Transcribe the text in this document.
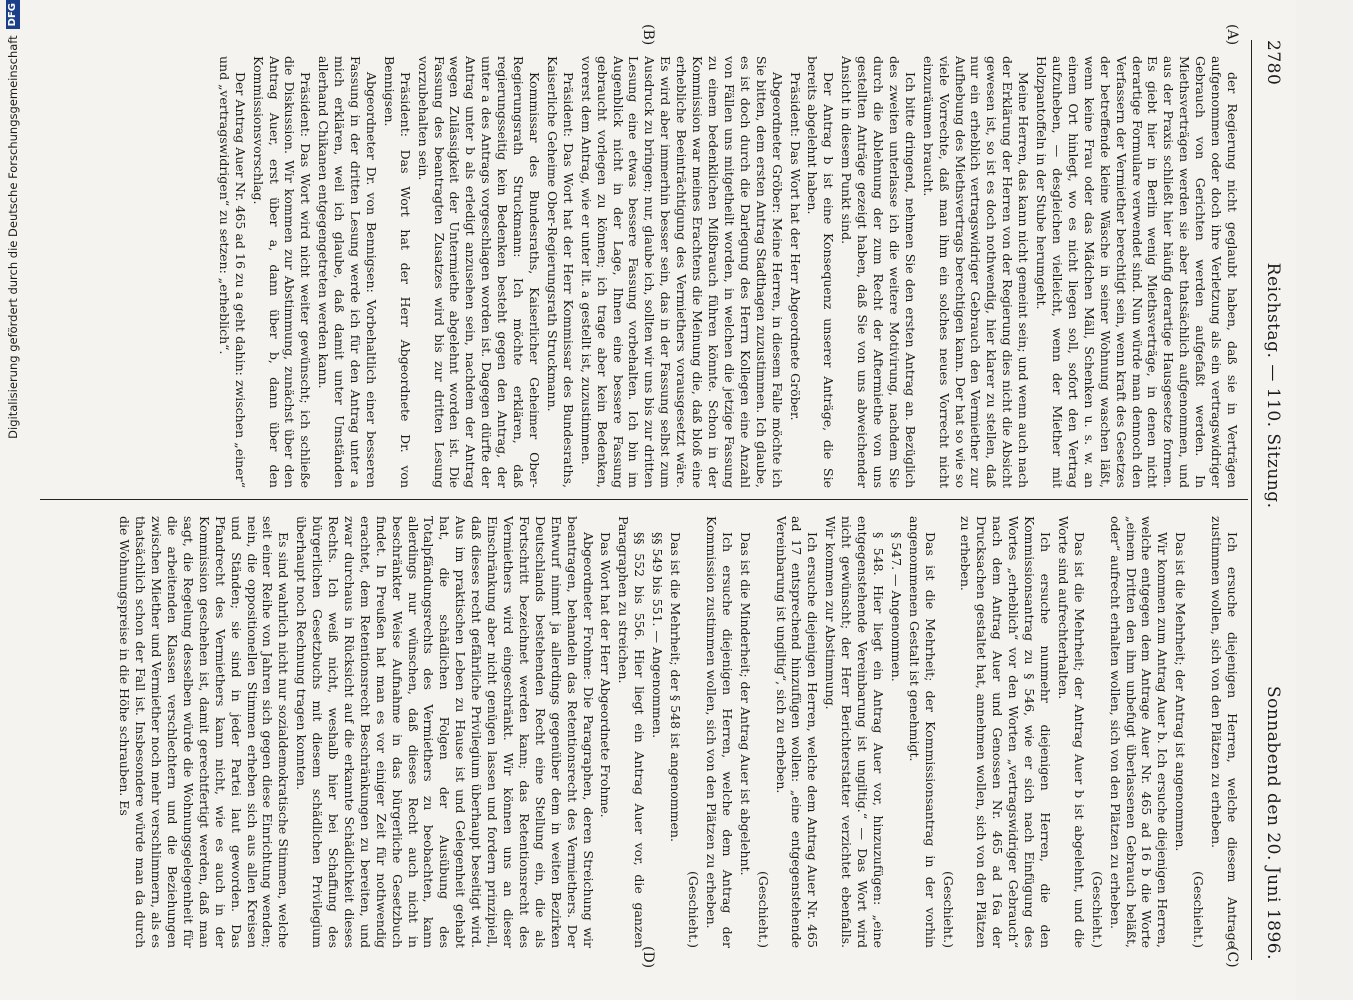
2780
Reichstag. — 110. Sitzung.
Sonnabend den 20. Juni 1896.
(A)
(B)
(C)
(D)

der Regierung nicht geglaubt haben, daß sie in Verträgen aufgenommen oder doch ihre Verletzung als ein vertragswidriger Gebrauch von Gerichten werden aufgefaßt werden. In Miethsverträgen werden sie aber thatsächlich aufgenommen, und aus der Praxis schließt hier häufig derartige Hausgesetze formen. Es giebt hier in Berlin wenig Miethsverträge, in denen nicht derartige Formulare verwendet sind. Nun würde man dennoch den Verfassern der Vermiether berechtigt sein, wenn kraft des Gesetzes der betreffende kleine Wäsche in seiner Wohnung waschen läßt, wenn keine Frau oder das Mädchen Mäll, Schenken u. s. w. an einem Ort hinlegt, wo es nicht liegen soll, sofort den Vertrag aufzuheben, — desgleichen vielleicht, wenn der Miether mit Holzpantoffeln in der Stube herumgeht.

Meine Herren, das kann nicht gemeint sein; und wenn auch nach der Erklärung der Herren von der Regierung dies nicht die Absicht gewesen ist, so ist es doch nothwendig, hier klarer zu stellen, daß nur ein erheblich vertragswidriger Gebrauch den Vermiether zur Aufhebung des Miethsvertrags berechtigen kann. Der hat so wie so viele Vorrechte, daß man ihm ein solches neues Vorrecht nicht einzuräumen braucht.

Ich bitte dringend, nehmen Sie den ersten Antrag an. Bezüglich des zweiten unterlasse ich die weitere Motivirung, nachdem Sie durch die Ablehnung der zum Recht der Aftermiethe von uns gestellten Anträge gezeigt haben, daß Sie von uns abweichender Ansicht in diesem Punkt sind.

Der Antrag b ist eine Konsequenz unserer Anträge, die Sie bereits abgelehnt haben.

Präsident: Das Wort hat der Herr Abgeordnete Gröber.

Abgeordneter Gröber: Meine Herren, in diesem Falle möchte ich Sie bitten, dem ersten Antrag Stadthagen zuzustimmen. Ich glaube, es ist doch durch die Darlegung des Herrn Kollegen eine Anzahl von Fällen uns mitgetheilt worden, in welchen die jetzige Fassung zu einem bedenklichen Mißbrauch führen könnte. Schon in der Kommission war meines Erachtens die Meinung die, daß bloß eine erhebliche Beeinträchtigung des Vermiethers vorausgesetzt wäre. Es wird aber immerhin besser sein, das in der Fassung selbst zum Ausdruck zu bringen; nur, glaube ich, sollten wir uns bis zur dritten Lesung eine etwas bessere Fassung vorbehalten. Ich bin im Augenblick nicht in der Lage, Ihnen eine bessere Fassung gebraucht vorlegen zu können; ich trage aber kein Bedenken, vorerst dem Antrag, wie er unter lit. a gestellt ist, zuzustimmen.

Präsident: Das Wort hat der Herr Kommissar des Bundesraths, Kaiserliche Geheime Ober-Regierungsrath Struckmann.

Kommissar des Bundesraths, Kaiserlicher Geheimer Ober-Regierungsrath Struckmann: Ich möchte erklären, daß regierungsseitig kein Bedenken besteht gegen den Antrag, der unter a des Antrags vorgeschlagen worden ist. Dagegen dürfte der Antrag unter b als erledigt anzusehen sein, nachdem der Antrag wegen Zulässigkeit der Untermiethe abgelehnt worden ist. Die Fassung des beantragten Zusatzes wird bis zur dritten Lesung vorzubehalten sein.

Präsident: Das Wort hat der Herr Abgeordnete Dr. von Bennigsen.

Abgeordneter Dr. von Bennigsen: Vorbehaltlich einer besseren Fassung in der dritten Lesung werde ich für den Antrag unter a mich erklären, weil ich glaube, daß damit unter Umständen allerhand Chikanen entgegengetreten werden kann.

Präsident: Das Wort wird nicht weiter gewünscht; ich schließe die Diskussion. Wir kommen zur Abstimmung, zunächst über den Antrag Auer, erst über a, dann über b, dann über den Kommissionsvorschlag.

Der Antrag Auer Nr. 465 ad 16 zu a geht dahin: zwischen „einer“ und „vertragswidrigen“ zu setzen: „erheblich“.

Ich ersuche diejenigen Herren, welche diesem Antrage zustimmen wollen, sich von den Plätzen zu erheben.

(Geschieht.)

Das ist die Mehrheit; der Antrag ist angenommen.

Wir kommen zum Antrag Auer b. Ich ersuche diejenigen Herren, welche entgegen dem Antrage Auer Nr. 465 ad 16 b die Worte „einem Dritten den ihm unbefugt überlassenen Gebrauch beläßt, oder“ aufrecht erhalten wollen, sich von den Plätzen zu erheben.

(Geschieht.)

Das ist die Mehrheit; der Antrag Auer b ist abgelehnt, und die Worte sind aufrechterhalten.

Ich ersuche nunmehr diejenigen Herren, die den Kommissionsantrag zu § 546, wie er sich nach Einfügung des Wortes „erheblich“ vor den Worten „vertragswidriger Gebrauch“ nach dem Antrag Auer und Genossen Nr. 465 ad 16a der Drucksachen gestaltet hat, annehmen wollen, sich von den Plätzen zu erheben.

(Geschieht.)

Das ist die Mehrheit; der Kommissionsantrag in der vorhin angenommenen Gestalt ist genehmigt.

§ 547. — Angenommen.

§ 548. Hier liegt ein Antrag Auer vor, hinzuzufügen: „eine entgegenstehende Vereinbarung ist ungiltig.“ — Das Wort wird nicht gewünscht; der Herr Berichterstatter verzichtet ebenfalls. Wir kommen zur Abstimmung.

Ich ersuche diejenigen Herren, welche dem Antrag Auer Nr. 465 ad 17 entsprechend hinzufügen wollen: „eine entgegenstehende Vereinbarung ist ungiltig“, sich zu erheben.

(Geschieht.)

Das ist die Minderheit; der Antrag Auer ist abgelehnt.

Ich ersuche diejenigen Herren, welche dem Antrag der Kommission zustimmen wollen, sich von den Plätzen zu erheben.

(Geschieht.)

Das ist die Mehrheit; der § 548 ist angenommen.

§§ 549 bis 551. — Angenommen.

§§ 552 bis 556. Hier liegt ein Antrag Auer vor, die ganzen Paragraphen zu streichen.

Das Wort hat der Herr Abgeordnete Frohme.

Abgeordneter Frohme: Die Paragraphen, deren Streichung wir beantragen, behandeln das Retentionsrecht des Vermiethers. Der Entwurf nimmt ja allerdings gegenüber dem in weiten Bezirken Deutschlands bestehenden Recht eine Stellung ein, die als Fortschritt bezeichnet werden kann; das Retentionsrecht des Vermiethers wird eingeschränkt. Wir können uns an dieser Einschränkung aber nicht genügen lassen und fordern prinzipiell, daß dieses recht gefährliche Privilegium überhaupt beseitigt wird. Aus im praktischen Leben zu Hause ist und Gelegenheit gehabt hat, die schädlichen Folgen der Ausübung des Totalpfändungsrechts des Vermiethers zu beobachten, kann allerdings nur wünschen, daß dieses Recht auch nicht in beschränkter Weise Aufnahme in das bürgerliche Gesetzbuch findet. In Preußen hat man es vor einiger Zeit für nothwendig erachtet, dem Retentionsrecht Beschränkungen zu bereiten, und zwar durchaus in Rücksicht auf die erkannte Schädlichkeit dieses Rechts. Ich weiß nicht, weshalb hier bei Schaffung des bürgerlichen Gesetzbuchs mit diesem schädlichen Privilegium überhaupt noch Rechnung tragen konnten.

Es sind wahrlich nicht nur sozialdemokratische Stimmen, welche seit einer Reihe von Jahren sich gegen diese Einrichtung wenden; nein, die oppositionellen Stimmen erheben sich aus allen Kreisen und Ständen; sie sind in jeder Partei laut geworden. Das Pfandrecht des Vermiethers kann nicht, wie es auch in der Kommission geschehen ist, damit gerechtfertigt werden, daß man sagt, die Regelung desselben würde die Wohnungsgelegenheit für die arbeitenden Klassen verschlechtern und die Beziehungen zwischen Miether und Vermiether noch mehr verschlimmern, als es thatsächlich schon der Fall ist. Insbesondere würde man da durch die Wohnungspreise in die Höhe schrauben. Es

Digitalisierung gefördert durch die Deutsche Forschungsgemeinschaft
DFG
